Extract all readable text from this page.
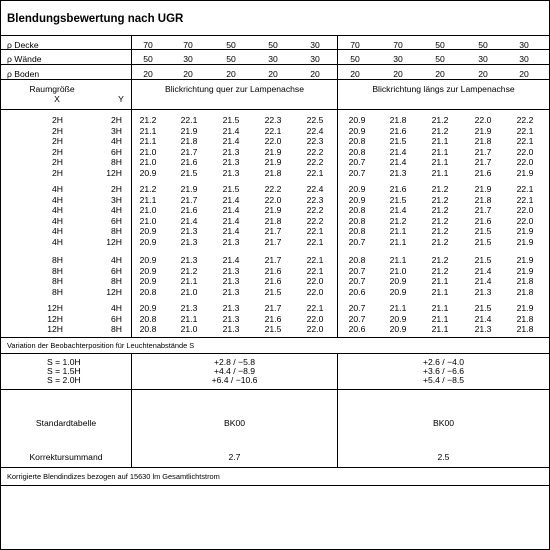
Blendungsbewertung nach UGR
ρ Decke	70	70	50	50	30	70	70	50	50	30
ρ Wände	50	30	50	30	30	50	30	50	30	30
ρ Boden	20	20	20	20	20	20	20	20	20	20
Raumgröße
X	Y
Blickrichtung quer zur Lampenachse	Blickrichtung längs zur Lampenachse
2H	2H	21.2	22.1	21.5	22.3	22.5	20.9	21.8	21.2	22.0	22.2
2H	3H	21.1	21.9	21.4	22.1	22.4	20.9	21.6	21.2	21.9	22.1
2H	4H	21.1	21.8	21.4	22.0	22.3	20.8	21.5	21.1	21.8	22.1
2H	6H	21.0	21.7	21.3	21.9	22.2	20.8	21.4	21.1	21.7	22.0
2H	8H	21.0	21.6	21.3	21.9	22.2	20.7	21.4	21.1	21.7	22.0
2H	12H	20.9	21.5	21.3	21.8	22.1	20.7	21.3	21.1	21.6	21.9
4H	2H	21.2	21.9	21.5	22.2	22.4	20.9	21.6	21.2	21.9	22.1
4H	3H	21.1	21.7	21.4	22.0	22.3	20.9	21.5	21.2	21.8	22.1
4H	4H	21.0	21.6	21.4	21.9	22.2	20.8	21.4	21.2	21.7	22.0
4H	6H	21.0	21.4	21.4	21.8	22.2	20.8	21.2	21.2	21.6	22.0
4H	8H	20.9	21.3	21.4	21.7	22.1	20.8	21.1	21.2	21.5	21.9
4H	12H	20.9	21.3	21.3	21.7	22.1	20.7	21.1	21.2	21.5	21.9
8H	4H	20.9	21.3	21.4	21.7	22.1	20.8	21.1	21.2	21.5	21.9
8H	6H	20.9	21.2	21.3	21.6	22.1	20.7	21.0	21.2	21.4	21.9
8H	8H	20.9	21.1	21.3	21.6	22.0	20.7	20.9	21.1	21.4	21.8
8H	12H	20.8	21.0	21.3	21.5	22.0	20.6	20.9	21.1	21.3	21.8
12H	4H	20.9	21.3	21.3	21.7	22.1	20.7	21.1	21.1	21.5	21.9
12H	6H	20.8	21.1	21.3	21.6	22.0	20.7	20.9	21.1	21.4	21.8
12H	8H	20.8	21.0	21.3	21.5	22.0	20.6	20.9	21.1	21.3	21.8
Variation der Beobachterposition für Leuchtenabstände S
S = 1.0H	+2.8 / −5.8	+2.6 / −4.0
S = 1.5H	+4.4 / −8.9	+3.6 / −6.6
S = 2.0H	+6.4 / −10.6	+5.4 / −8.5
Standardtabelle	BK00	BK00
Korrektursummand	2.7	2.5
Korrigierte Blendindizes bezogen auf 15630 lm Gesamtlichtstrom
